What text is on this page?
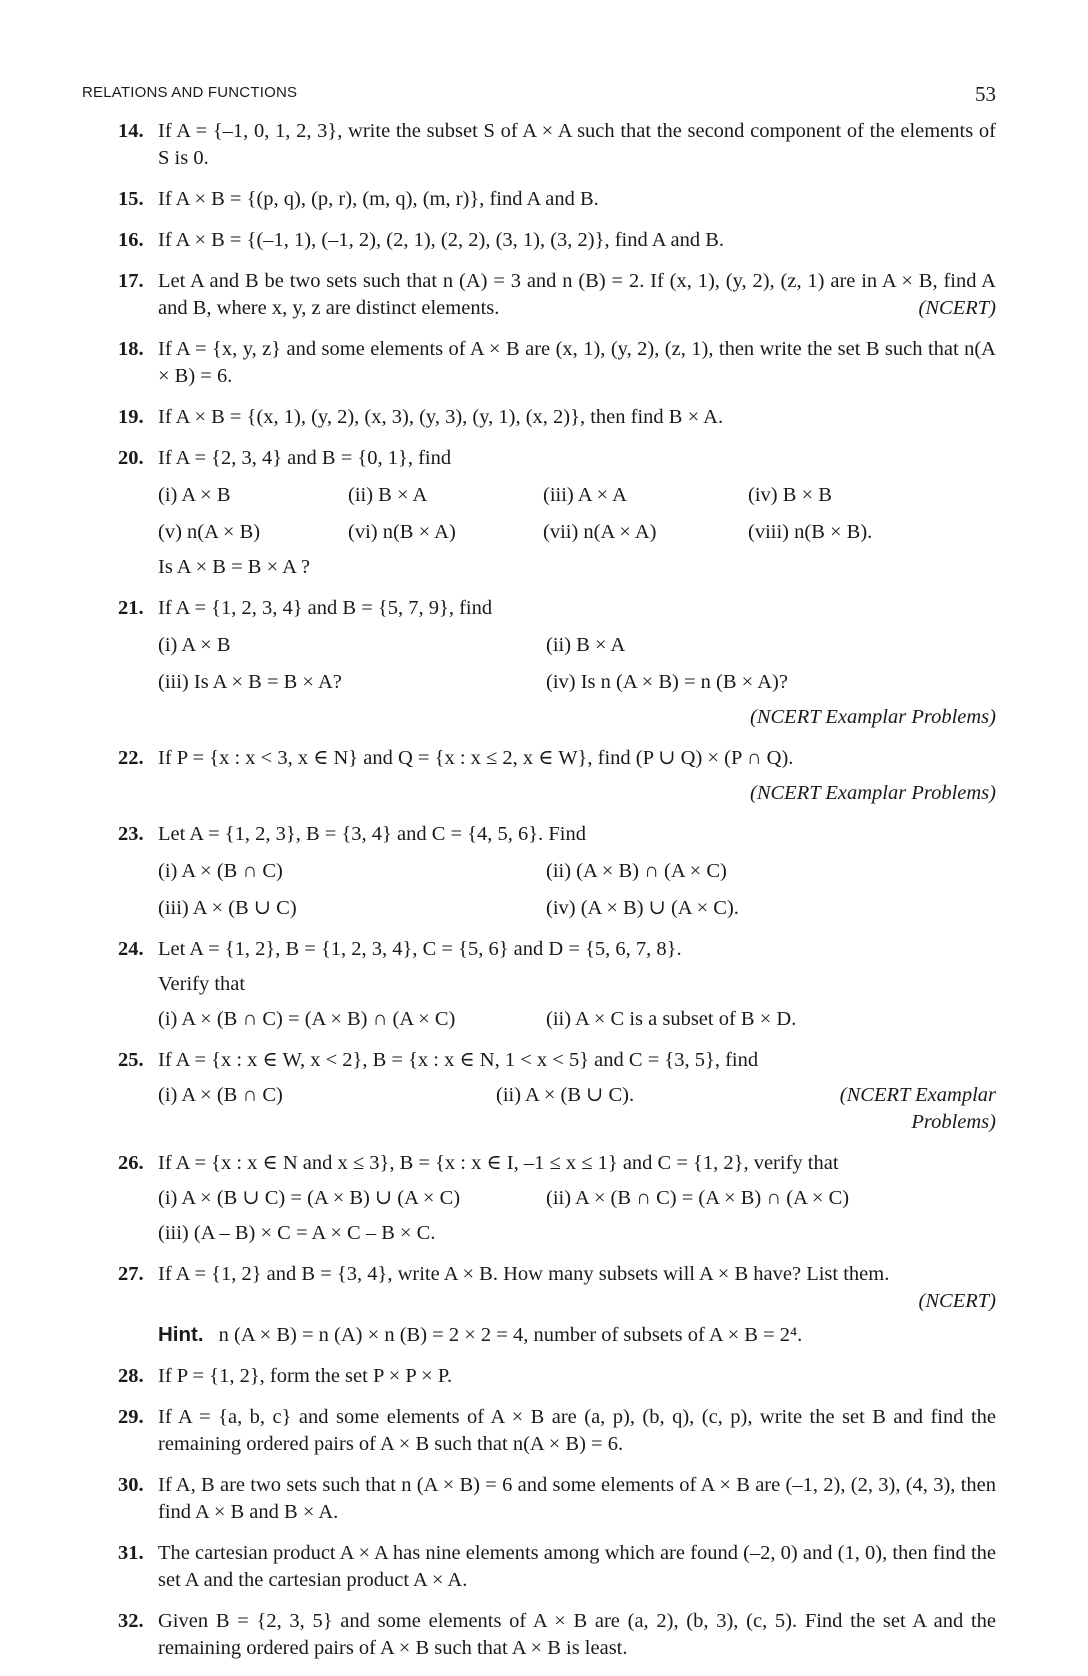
RELATIONS AND FUNCTIONS	53
14. If A = {–1, 0, 1, 2, 3}, write the subset S of A × A such that the second component of the elements of S is 0.
15. If A × B = {(p, q), (p, r), (m, q), (m, r)}, find A and B.
16. If A × B = {(–1, 1), (–1, 2), (2, 1), (2, 2), (3, 1), (3, 2)}, find A and B.
17. Let A and B be two sets such that n (A) = 3 and n (B) = 2. If (x, 1), (y, 2), (z, 1) are in A × B, find A and B, where x, y, z are distinct elements.	(NCERT)
18. If A = {x, y, z} and some elements of A × B are (x, 1), (y, 2), (z, 1), then write the set B such that n(A × B) = 6.
19. If A × B = {(x, 1), (y, 2), (x, 3), (y, 3), (y, 1), (x, 2)}, then find B × A.
20. If A = {2, 3, 4} and B = {0, 1}, find
(i) A × B	(ii) B × A	(iii) A × A	(iv) B × B
(v) n(A × B)	(vi) n(B × A)	(vii) n(A × A)	(viii) n(B × B).
Is A × B = B × A ?
21. If A = {1, 2, 3, 4} and B = {5, 7, 9}, find
(i) A × B	(ii) B × A
(iii) Is A × B = B × A?	(iv) Is n (A × B) = n (B × A)?
(NCERT Examplar Problems)
22. If P = {x : x < 3, x ∈ N} and Q = {x : x ≤ 2, x ∈ W}, find (P ∪ Q) × (P ∩ Q).
(NCERT Examplar Problems)
23. Let A = {1, 2, 3}, B = {3, 4} and C = {4, 5, 6}. Find
(i) A × (B ∩ C)	(ii) (A × B) ∩ (A × C)
(iii) A × (B ∪ C)	(iv) (A × B) ∪ (A × C).
24. Let A = {1, 2}, B = {1, 2, 3, 4}, C = {5, 6} and D = {5, 6, 7, 8}.
Verify that
(i) A × (B ∩ C) = (A × B) ∩ (A × C)	(ii) A × C is a subset of B × D.
25. If A = {x : x ∈ W, x < 2}, B = {x : x ∈ N, 1 < x < 5} and C = {3, 5}, find
(i) A × (B ∩ C)	(ii) A × (B ∪ C).	(NCERT Examplar Problems)
26. If A = {x : x ∈ N and x ≤ 3}, B = {x : x ∈ I, –1 ≤ x ≤ 1} and C = {1, 2}, verify that
(i) A × (B ∪ C) = (A × B) ∪ (A × C)	(ii) A × (B ∩ C) = (A × B) ∩ (A × C)
(iii) (A – B) × C = A × C – B × C.
27. If A = {1, 2} and B = {3, 4}, write A × B. How many subsets will A × B have? List them.
(NCERT)
Hint. n (A × B) = n (A) × n (B) = 2 × 2 = 4, number of subsets of A × B = 2⁴.
28. If P = {1, 2}, form the set P × P × P.
29. If A = {a, b, c} and some elements of A × B are (a, p), (b, q), (c, p), write the set B and find the remaining ordered pairs of A × B such that n(A × B) = 6.
30. If A, B are two sets such that n (A × B) = 6 and some elements of A × B are (–1, 2), (2, 3), (4, 3), then find A × B and B × A.
31. The cartesian product A × A has nine elements among which are found (–2, 0) and (1, 0), then find the set A and the cartesian product A × A.
32. Given B = {2, 3, 5} and some elements of A × B are (a, 2), (b, 3), (c, 5). Find the set A and the remaining ordered pairs of A × B such that A × B is least.
